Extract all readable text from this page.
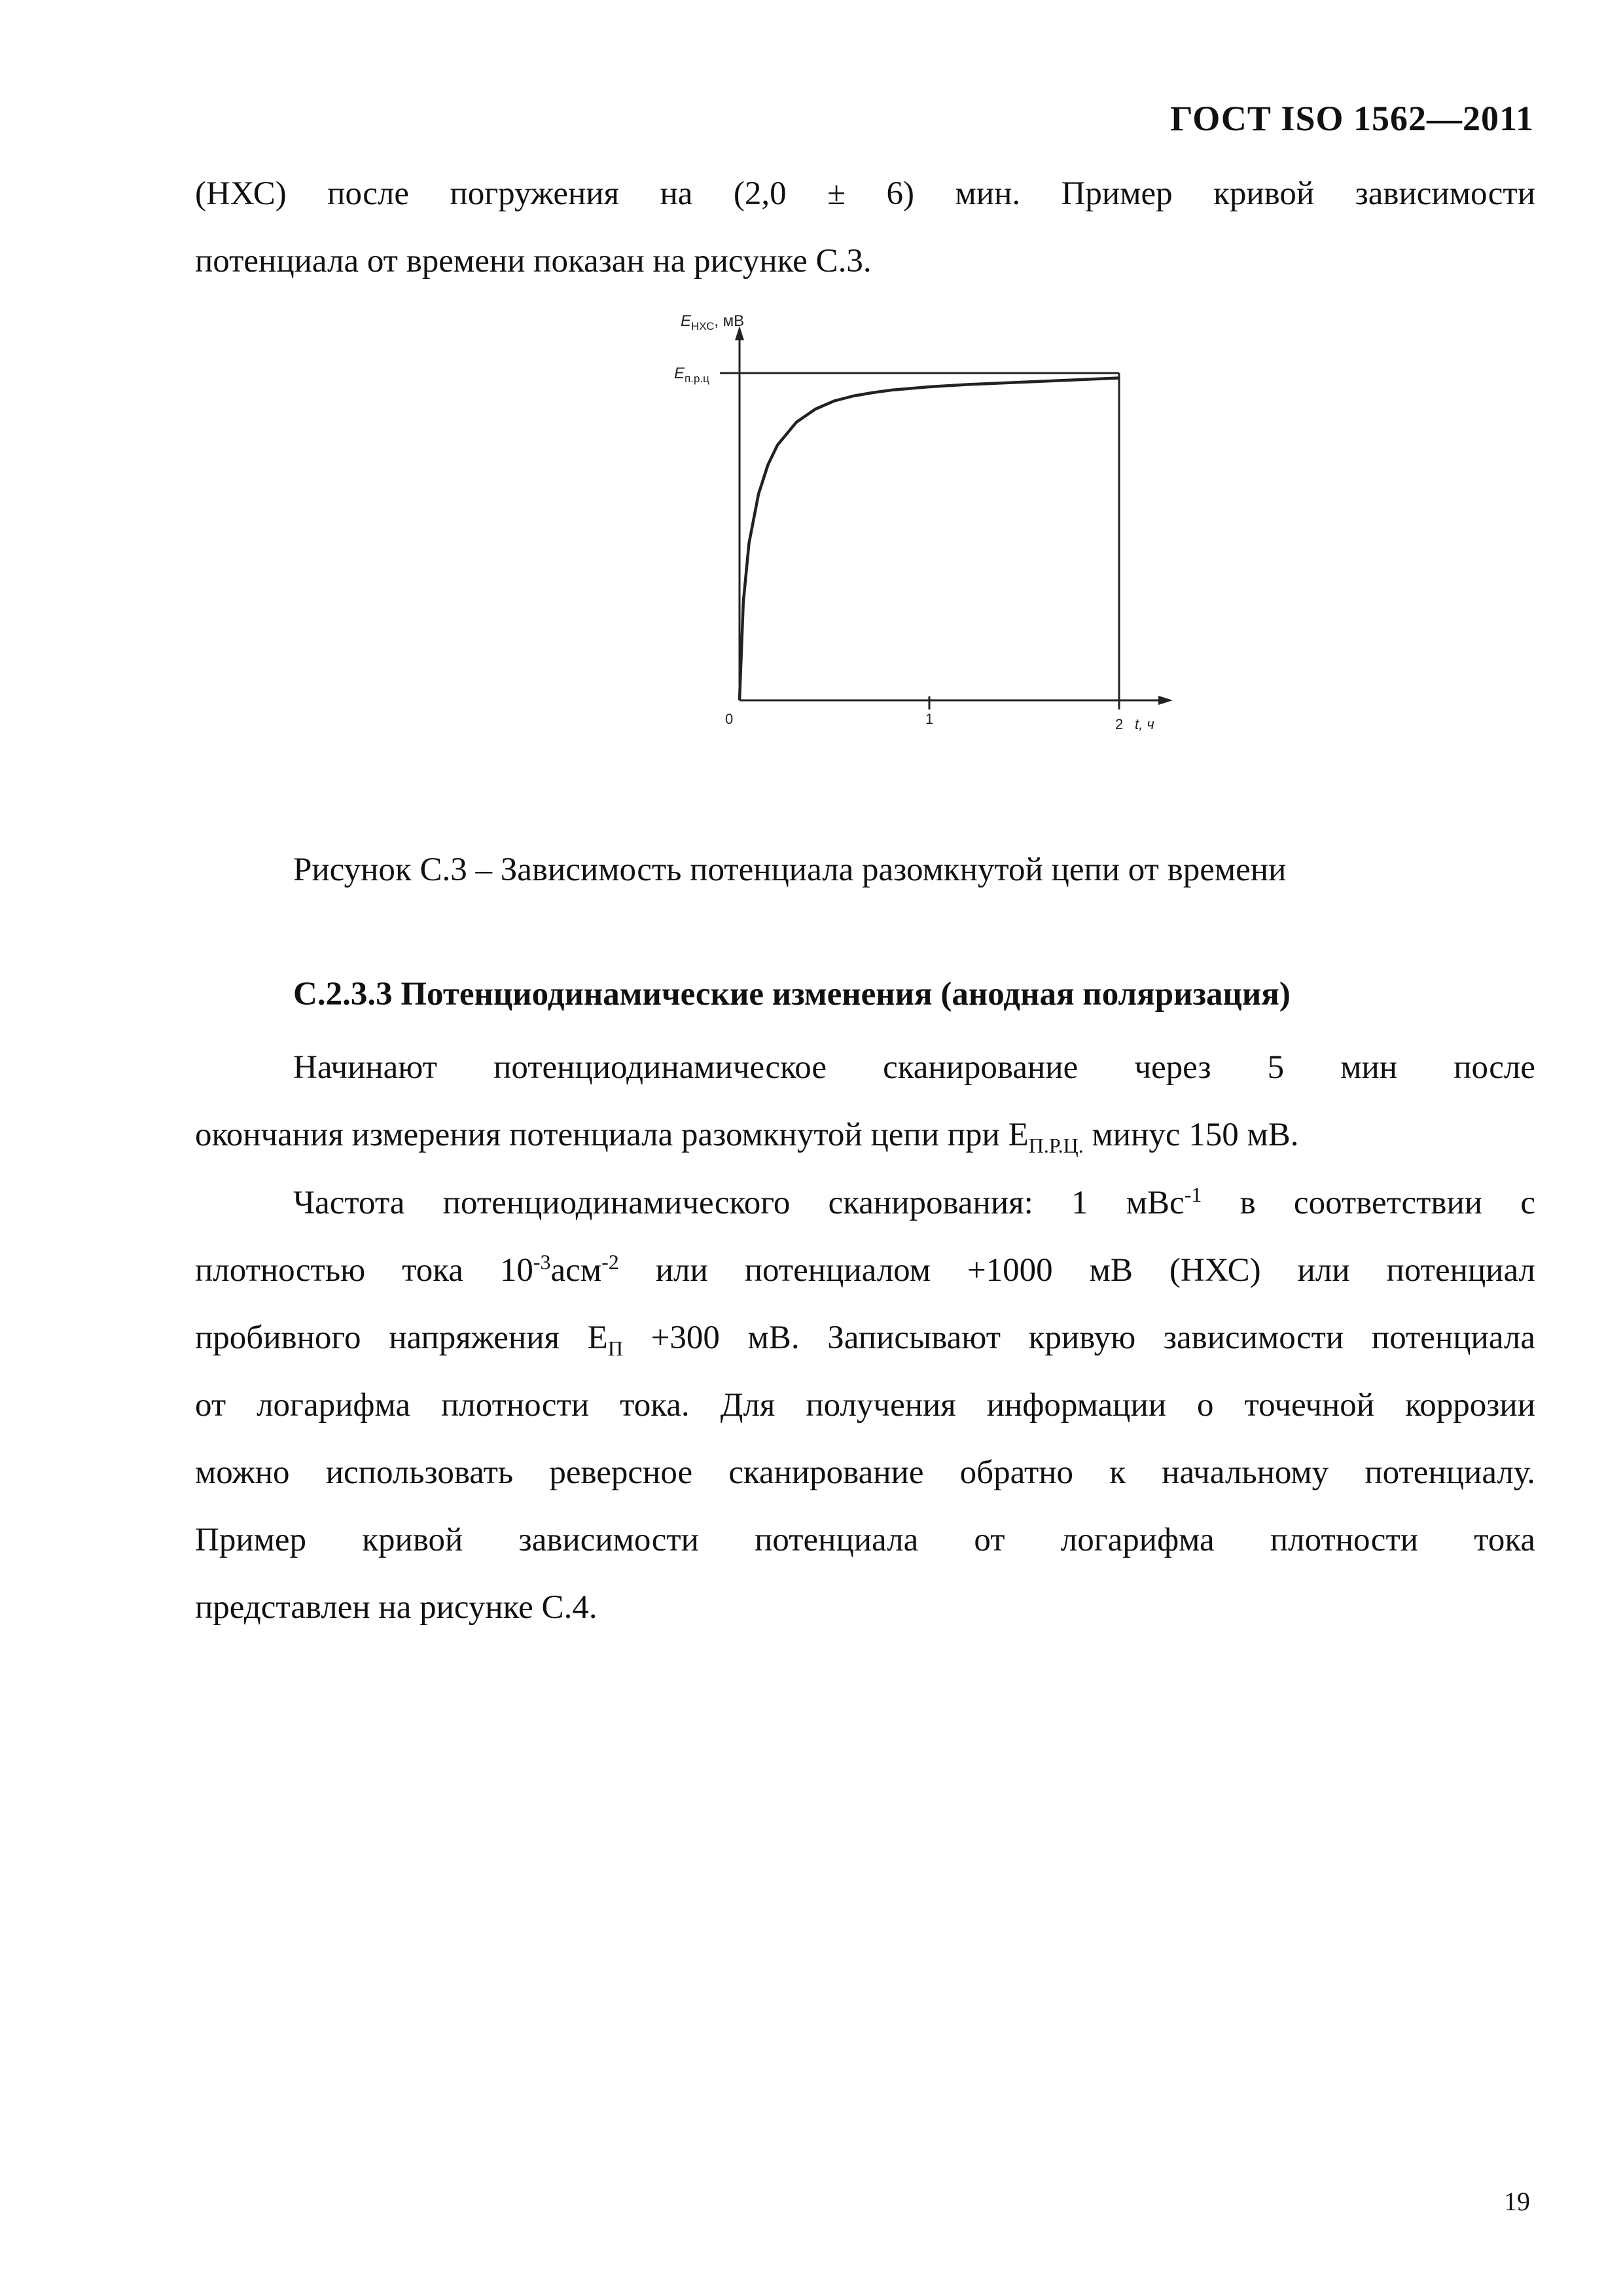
ГОСТ ISO 1562—2011
(НХС) после погружения на (2,0 ± 6) мин. Пример кривой зависимости
потенциала от времени показан на рисунке С.3.
0	1	2 t, ч
$E_{НХС}$, мВ
$E_{п.р.ц}$
Рисунок С.3 – Зависимость потенциала разомкнутой цепи от времени
С.2.3.3 Потенциодинамические изменения (анодная поляризация)
Начинают потенциодинамическое сканирование через 5 мин после
окончания измерения потенциала разомкнутой цепи при $E_{П.Р.Ц.}$ минус 150 мВ.
Частота потенциодинамического сканирования: 1 мВс$^{-1}$ в соответствии с
плотностью тока $10^{-3}асм^{-2}$ или потенциалом +1000 мВ (НХС) или потенциал
пробивного напряжения $E_П +300$ мВ. Записывают кривую зависимости потенциала
от логарифма плотности тока. Для получения информации о точечной коррозии
можно использовать реверсное сканирование обратно к начальному потенциалу.
Пример кривой зависимости потенциала от логарифма плотности тока
представлен на рисунке С.4.
19
